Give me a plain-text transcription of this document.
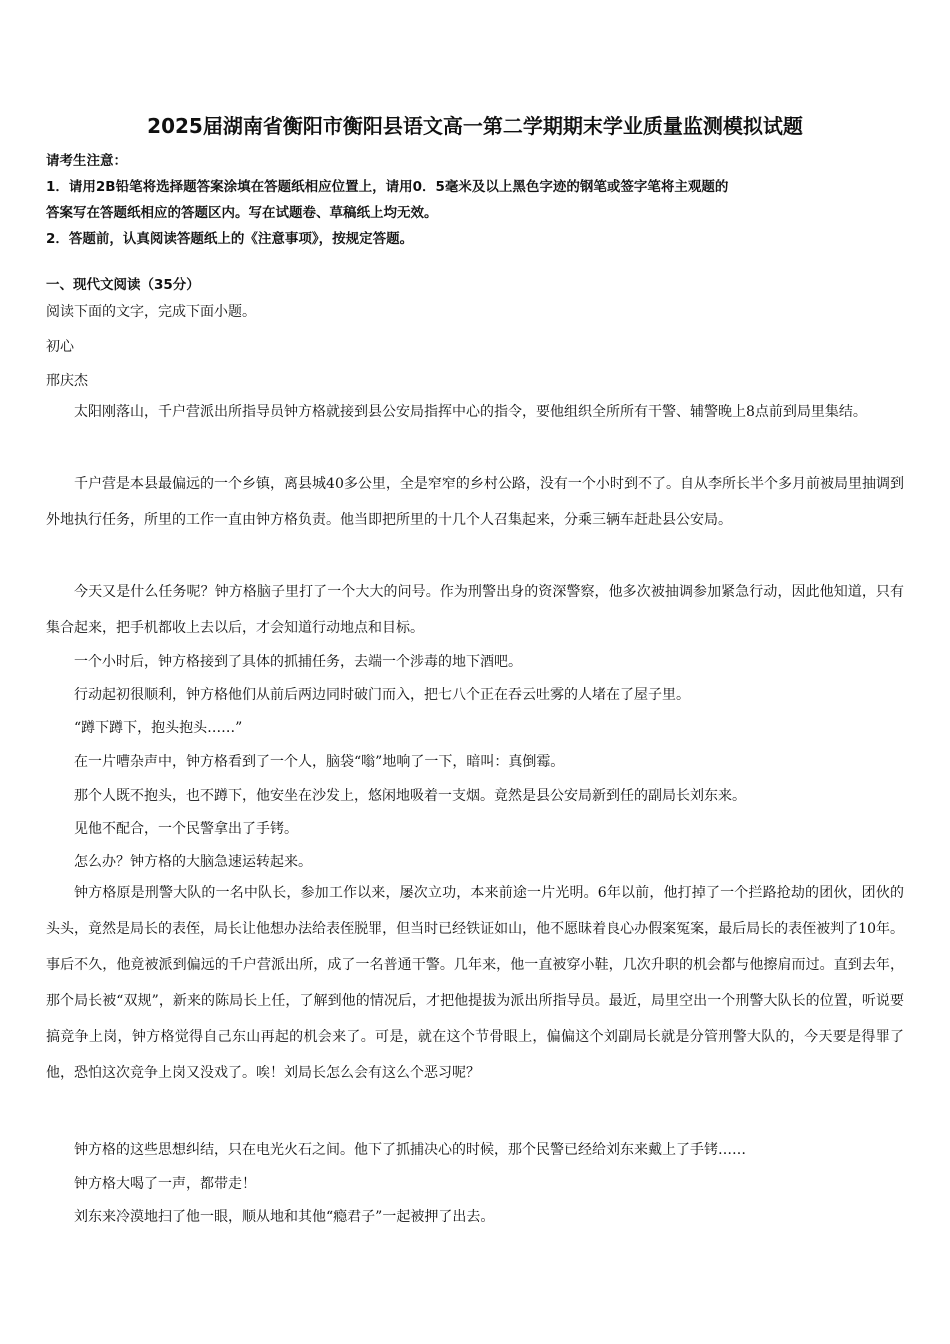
2025届湖南省衡阳市衡阳县语文高一第二学期期末学业质量监测模拟试题
请考生注意：
1．请用2B铅笔将选择题答案涂填在答题纸相应位置上，请用0．5毫米及以上黑色字迹的钢笔或签字笔将主观题的
答案写在答题纸相应的答题区内。写在试题卷、草稿纸上均无效。
2．答题前，认真阅读答题纸上的《注意事项》，按规定答题。
一、现代文阅读（35分）
阅读下面的文字，完成下面小题。
初心
邢庆杰
太阳刚落山，千户营派出所指导员钟方格就接到县公安局指挥中心的指令，要他组织全所所有干警、辅警晚上8点前到局里集结。
千户营是本县最偏远的一个乡镇，离县城40多公里，全是窄窄的乡村公路，没有一个小时到不了。自从李所长半个多月前被局里抽调到外地执行任务，所里的工作一直由钟方格负责。他当即把所里的十几个人召集起来，分乘三辆车赶赴县公安局。
今天又是什么任务呢？钟方格脑子里打了一个大大的问号。作为刑警出身的资深警察，他多次被抽调参加紧急行动，因此他知道，只有集合起来，把手机都收上去以后，才会知道行动地点和目标。
一个小时后，钟方格接到了具体的抓捕任务，去端一个涉毒的地下酒吧。
行动起初很顺利，钟方格他们从前后两边同时破门而入，把七八个正在吞云吐雾的人堵在了屋子里。
“蹲下蹲下，抱头抱头……”
在一片嘈杂声中，钟方格看到了一个人，脑袋“嗡”地响了一下，暗叫：真倒霉。
那个人既不抱头，也不蹲下，他安坐在沙发上，悠闲地吸着一支烟。竟然是县公安局新到任的副局长刘东来。
见他不配合，一个民警拿出了手铐。
怎么办？钟方格的大脑急速运转起来。
钟方格原是刑警大队的一名中队长，参加工作以来，屡次立功，本来前途一片光明。6年以前，他打掉了一个拦路抢劫的团伙，团伙的头头，竟然是局长的表侄，局长让他想办法给表侄脱罪，但当时已经铁证如山，他不愿昧着良心办假案冤案，最后局长的表侄被判了10年。事后不久，他竟被派到偏远的千户营派出所，成了一名普通干警。几年来，他一直被穿小鞋，几次升职的机会都与他擦肩而过。直到去年，那个局长被“双规”，新来的陈局长上任，了解到他的情况后，才把他提拔为派出所指导员。最近，局里空出一个刑警大队长的位置，听说要搞竞争上岗，钟方格觉得自己东山再起的机会来了。可是，就在这个节骨眼上，偏偏这个刘副局长就是分管刑警大队的，今天要是得罪了他，恐怕这次竞争上岗又没戏了。唉！刘局长怎么会有这么个恶习呢？
钟方格的这些思想纠结，只在电光火石之间。他下了抓捕决心的时候，那个民警已经给刘东来戴上了手铐……
钟方格大喝了一声，都带走！
刘东来冷漠地扫了他一眼，顺从地和其他“瘾君子”一起被押了出去。
